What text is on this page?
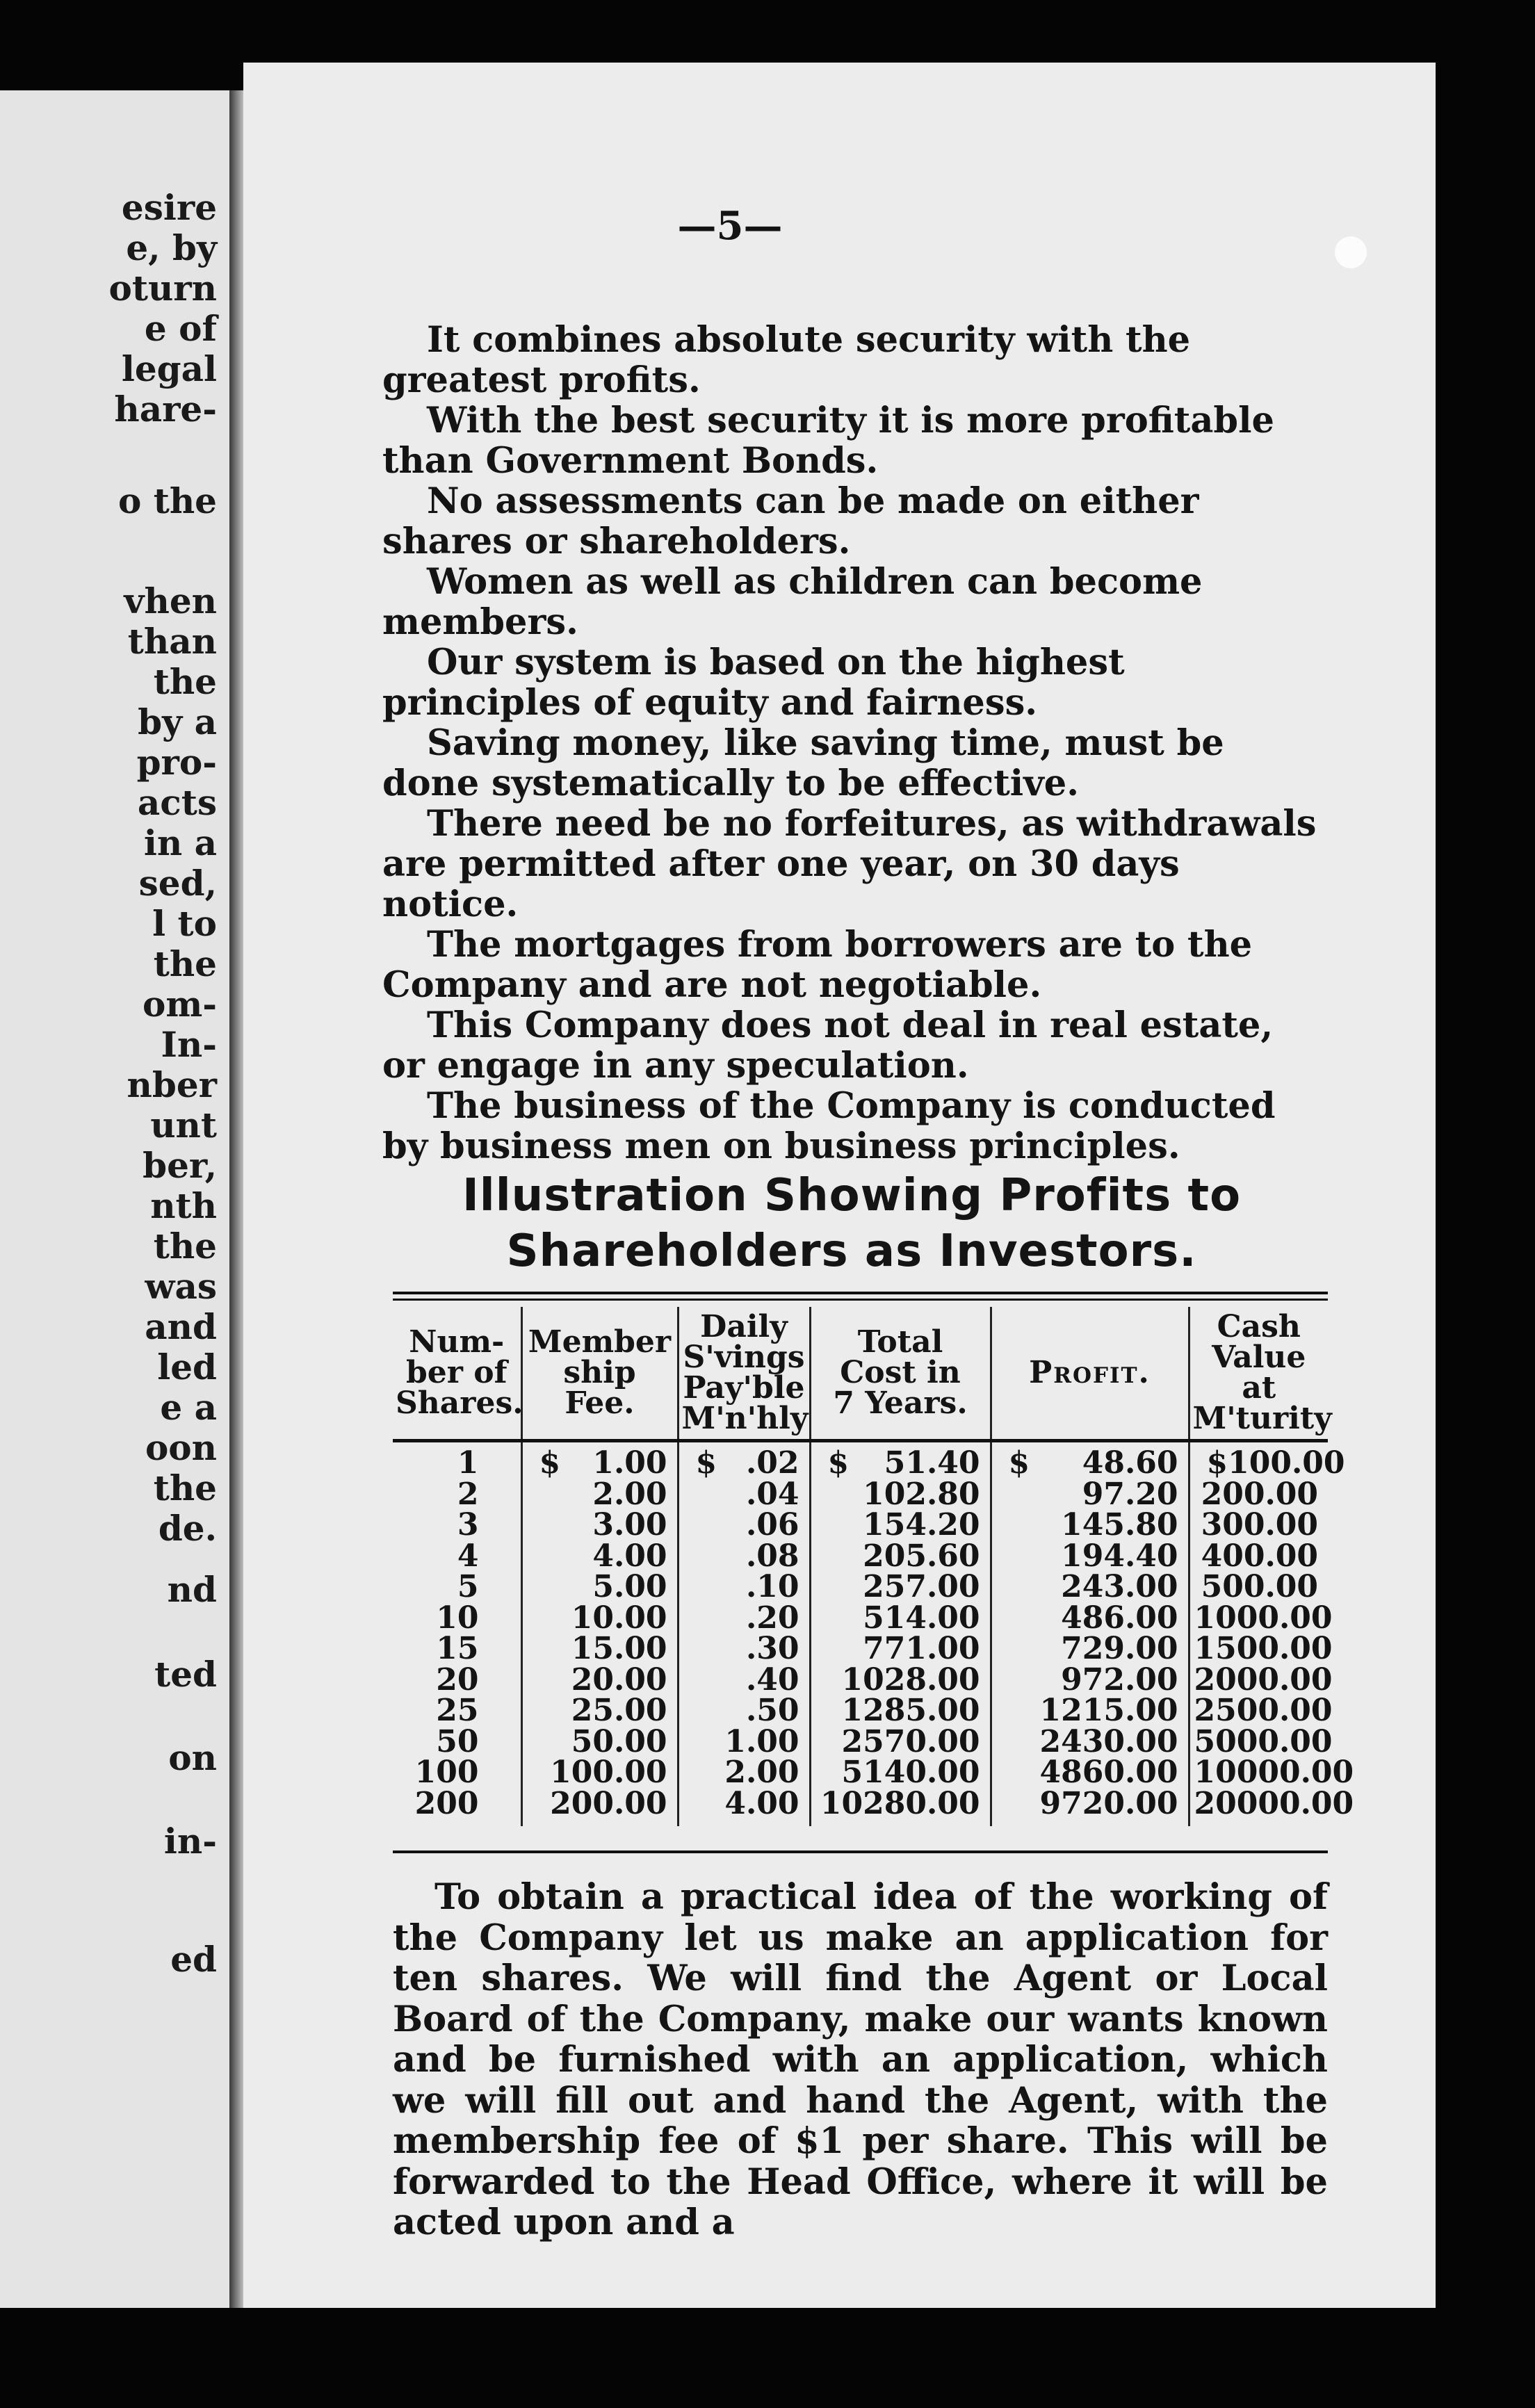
esire
e, by
oturn
e of
legal
hare-
o the
vhen
than
the
by a
pro-
acts
in a
sed,
l to
the
om-
In-
nber
unt
ber,
nth
the
was
and
led
e a
oon
the
de.
nd
ted
on
in-
ed
—5—

It combines absolute security with the greatest profits.

With the best security it is more profitable than Government Bonds.

No assessments can be made on either shares or shareholders.

Women as well as children can become members.

Our system is based on the highest principles of equity and fairness.

Saving money, like saving time, must be done systematically to be effective.

There need be no forfeitures, as withdrawals are permitted after one year, on 30 days notice.

The mortgages from borrowers are to the Company and are not negotiable.

This Company does not deal in real estate, or engage in any speculation.

The business of the Company is conducted by business men on business principles.

Illustration Showing Profits to
Shareholders as Investors.
Num-
ber of
Shares.	Member
ship
Fee.	Daily
S'vings
Pay'ble
M'n'hly	Total
Cost in
7 Years.	Profit.	Cash
Value at
M'turity

1	$ 1.00	$ .02	$ 51.40	$ 48.60	$ 100.00
2	2.00	.04	102.80	97.20	200.00
3	3.00	.06	154.20	145.80	300.00
4	4.00	.08	205.60	194.40	400.00
5	5.00	.10	257.00	243.00	500.00
10	10.00	.20	514.00	486.00	1000.00
15	15.00	.30	771.00	729.00	1500.00
20	20.00	.40	1028.00	972.00	2000.00
25	25.00	.50	1285.00	1215.00	2500.00
50	50.00	1.00	2570.00	2430.00	5000.00
100	100.00	2.00	5140.00	4860.00	10000.00
200	200.00	4.00	10280.00	9720.00	20000.00

To obtain a practical idea of the working of the Company let us make an application for ten shares. We will find the Agent or Local Board of the Company, make our wants known and be furnished with an application, which we will fill out and hand the Agent, with the membership fee of $1 per share. This will be forwarded to the Head Office, where it will be acted upon and a
